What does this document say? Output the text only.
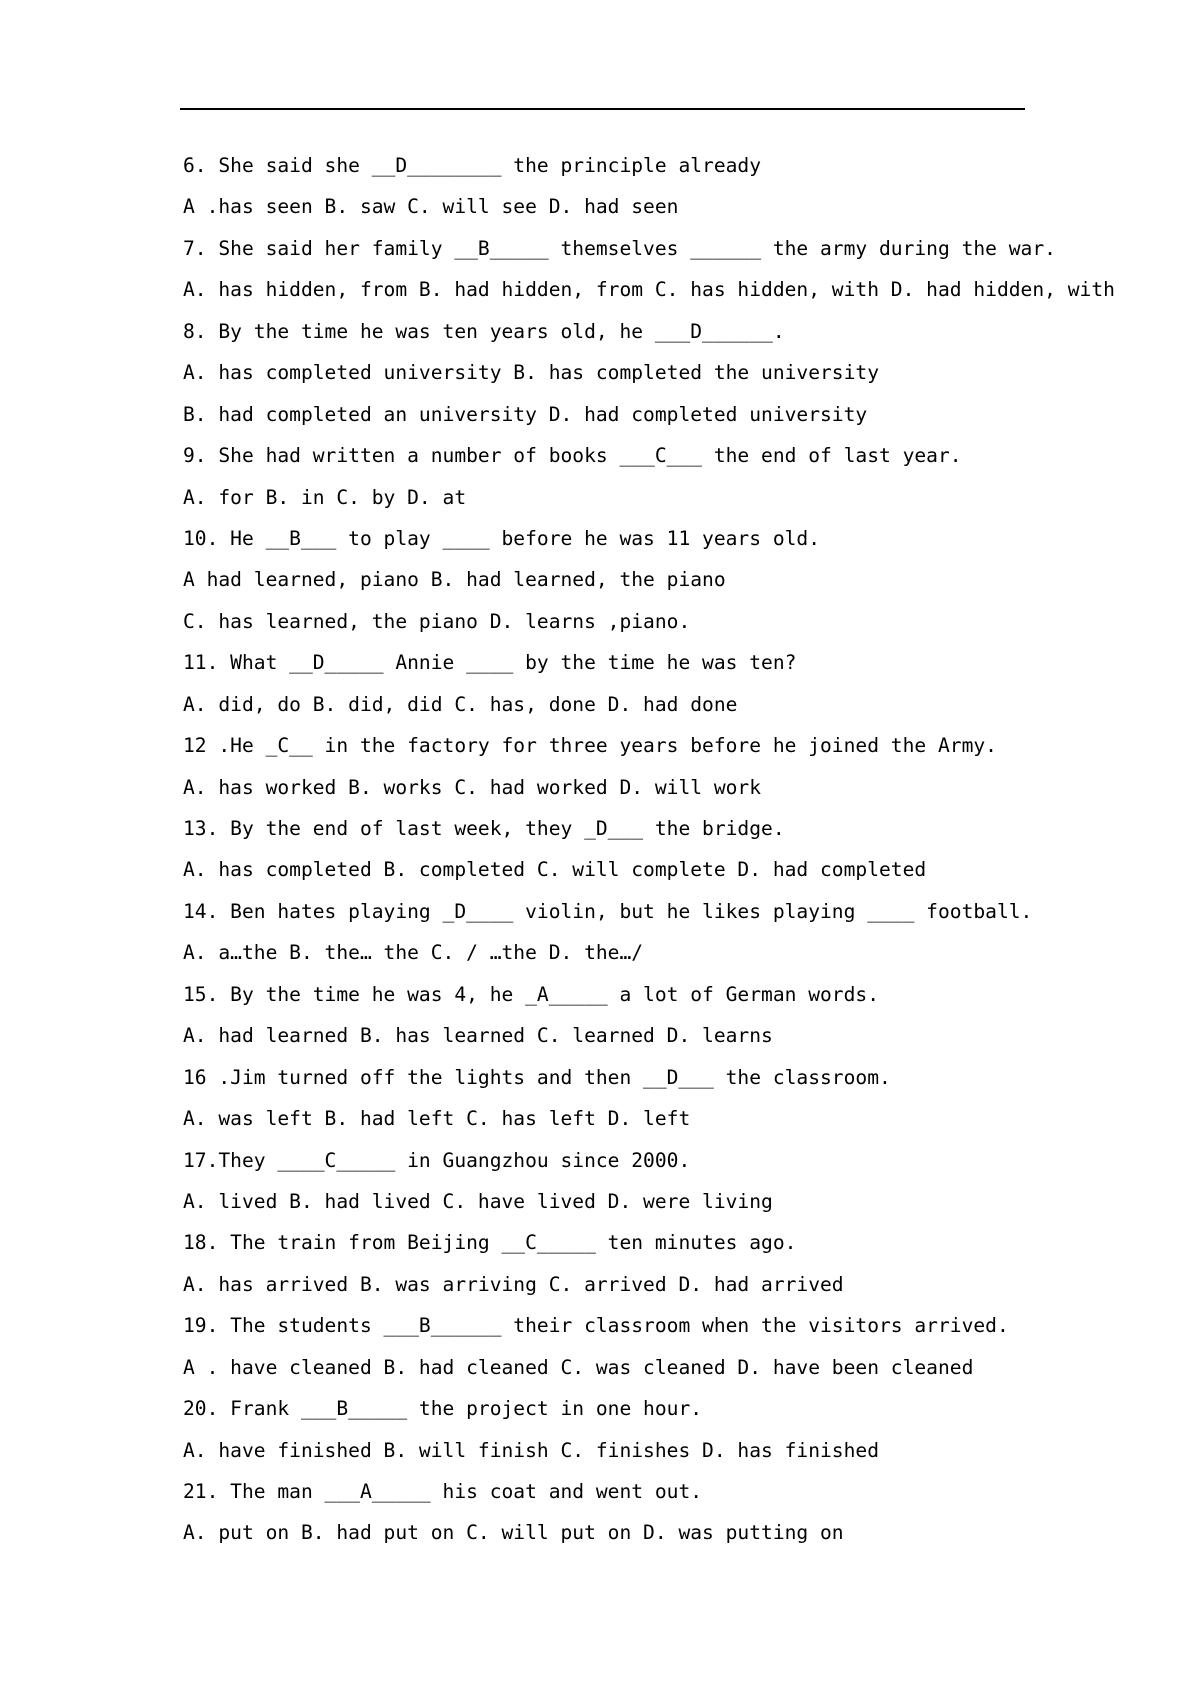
6. She said she __D________ the principle already
A .has seen B. saw C. will see D. had seen
7. She said her family __B_____ themselves ______ the army during the war.
A. has hidden, from B. had hidden, from C. has hidden, with D. had hidden, with
8. By the time he was ten years old, he ___D______.
A. has completed university B. has completed the university
B. had completed an university D. had completed university
9. She had written a number of books ___C___ the end of last year.
A. for B. in C. by D. at
10. He __B___ to play ____ before he was 11 years old.
A had learned, piano B. had learned, the piano
C. has learned, the piano D. learns ,piano.
11. What __D_____ Annie ____ by the time he was ten?
A. did, do B. did, did C. has, done D. had done
12 .He _C__ in the factory for three years before he joined the Army.
A. has worked B. works C. had worked D. will work
13. By the end of last week, they _D___ the bridge.
A. has completed B. completed C. will complete D. had completed
14. Ben hates playing _D____ violin, but he likes playing ____ football.
A. a…the B. the… the C. / …the D. the…/
15. By the time he was 4, he _A_____ a lot of German words.
A. had learned B. has learned C. learned D. learns
16 .Jim turned off the lights and then __D___ the classroom.
A. was left B. had left C. has left D. left
17.They ____C_____ in Guangzhou since 2000.
A. lived B. had lived C. have lived D. were living
18. The train from Beijing __C_____ ten minutes ago.
A. has arrived B. was arriving C. arrived D. had arrived
19. The students ___B______ their classroom when the visitors arrived.
A . have cleaned B. had cleaned C. was cleaned D. have been cleaned
20. Frank ___B_____ the project in one hour.
A. have finished B. will finish C. finishes D. has finished
21. The man ___A_____ his coat and went out.
A. put on B. had put on C. will put on D. was putting on
